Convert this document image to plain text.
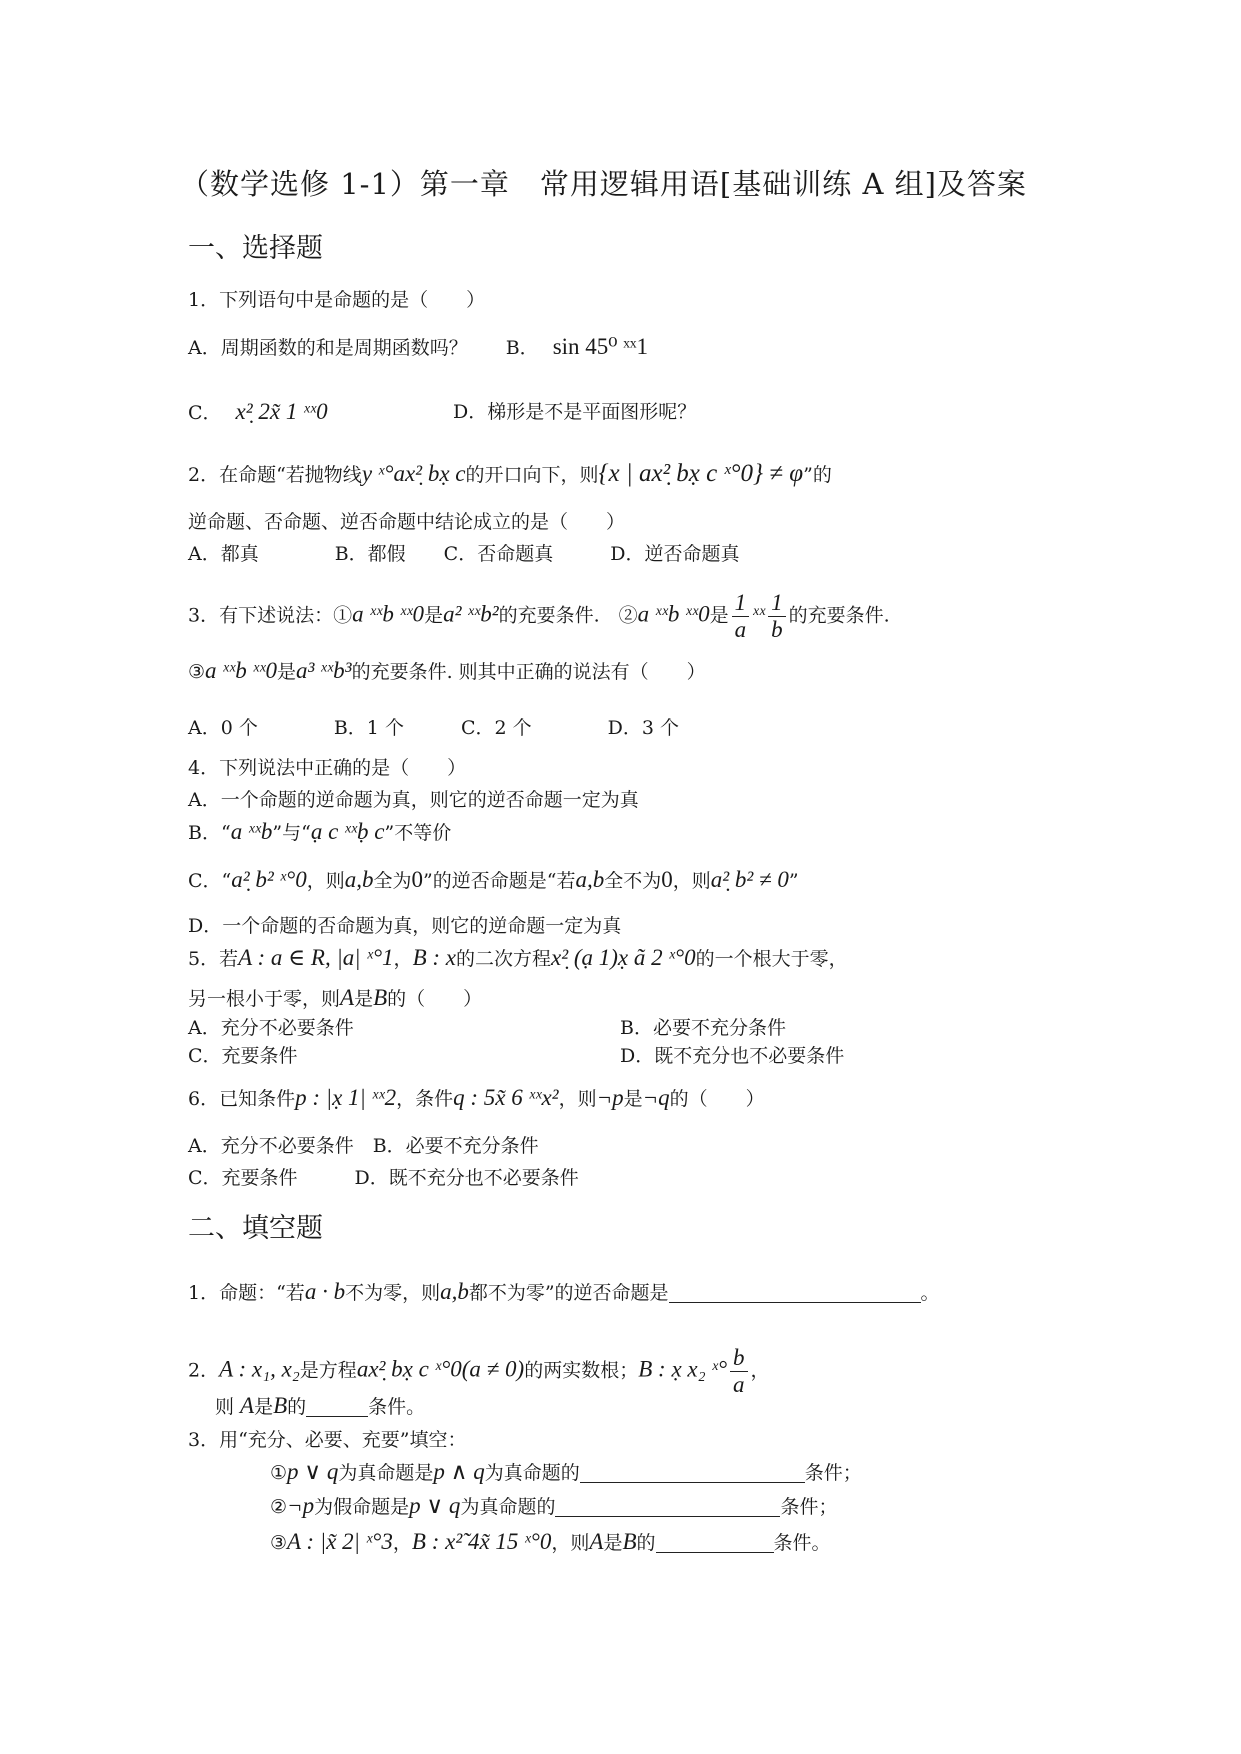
（数学选修 1-1）第一章　常用逻辑用语[基础训练 A 组]及答案
一、选择题
1．下列语句中是命题的是（　　）
A．周期函数的和是周期函数吗？　　B． sin 45⁰ ˣˣ1
C． x²̣ 2x̃ 1 ˣˣ0	D．梯形是不是平面图形呢？
2．在命题“若抛物线y ˣ°ax²̣ bx̣ c的开口向下，则{x | ax²̣ bx̣ c ˣ°0} ≠ φ”的
逆命题、否命题、逆否命题中结论成立的是（　　）
A．都真　　　　B．都假　　C．否命题真　　　D．逆否命题真
3．有下述说法：①a ˣˣb ˣˣ0是a² ˣˣb²的充要条件.　②a ˣˣb ˣˣ0是 $\frac{1}{a}$ ˣˣ $\frac{1}{b}$ 的充要条件.
③a ˣˣb ˣˣ0是a³ ˣˣb³的充要条件. 则其中正确的说法有（　　）
A．0 个　　　　B．1 个　　　C．2 个　　　　D．3 个
4．下列说法中正确的是（　　）
A．一个命题的逆命题为真，则它的逆否命题一定为真
B．“a ˣˣb”与“ạ c ˣˣḅ c”不等价
C．“a²̣ b² ˣ°0，则a,b全为0”的逆否命题是“若a,b全不为0，则a²̣ b² ≠ 0”
D．一个命题的否命题为真，则它的逆命题一定为真
5．若A : a ∈ R, |a| ˣ°1，B : x的二次方程x²̣ (ạ 1)x̣ ã 2 ˣ°0的一个根大于零，
另一根小于零，则A是B的（　　）
A．充分不必要条件	B．必要不充分条件
C．充要条件	D．既不充分也不必要条件
6．已知条件p : |x̣ 1| ˣˣ2，条件q : 5x̃ 6 ˣˣx²，则¬p是¬q的（　　）
A．充分不必要条件　B．必要不充分条件
C．充要条件　　　D．既不充分也不必要条件
二、填空题
1．命题：“若a · b不为零，则a,b都不为零”的逆否命题是	。
2．A : x₁, x₂是方程ax²̣ bx̣ c ˣ°0(a ≠ 0)的两实数根；B : x̣ x₂ ˣ° $\frac{b}{a}$ ，
则 A是B的	条件。
3．用“充分、必要、充要”填空：
①p ∨ q为真命题是p ∧ q为真命题的	条件；
②¬p为假命题是p ∨ q为真命题的	条件；
③A : |x̃ 2| ˣ°3，B : x²̃ 4x̃ 15 ˣ°0，则A是B的	条件。
